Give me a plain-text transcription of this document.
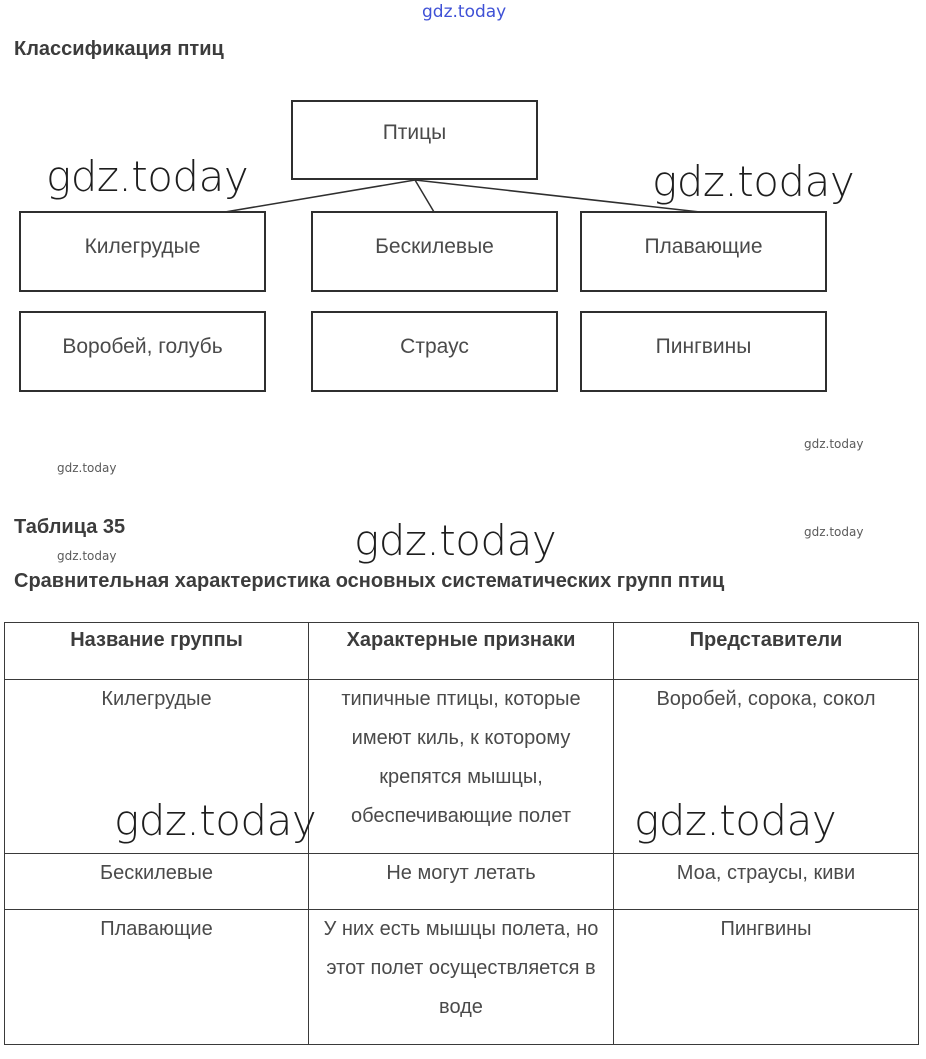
gdz.today
Классификация птиц
Птицы
Килегрудые	Бескилевые	Плавающие
Воробей, голубь	Страус	Пингвины
gdz.today	gdz.today
gdz.today
gdz.today
gdz.today
gdz.today
Таблица 35	gdz.today
Сравнительная характеристика основных систематических групп птиц
Название группы	Характерные признаки	Представители

Килегрудые	типичные птицы, которые имеют киль, к которому крепятся мышцы, обеспечивающие полет	Воробей, сорока, сокол
Бескилевые	Не могут летать	Моа, страусы, киви
Плавающие	У них есть мышцы полета, но этот полет осуществляется в воде	Пингвины
gdz.today	gdz.today
